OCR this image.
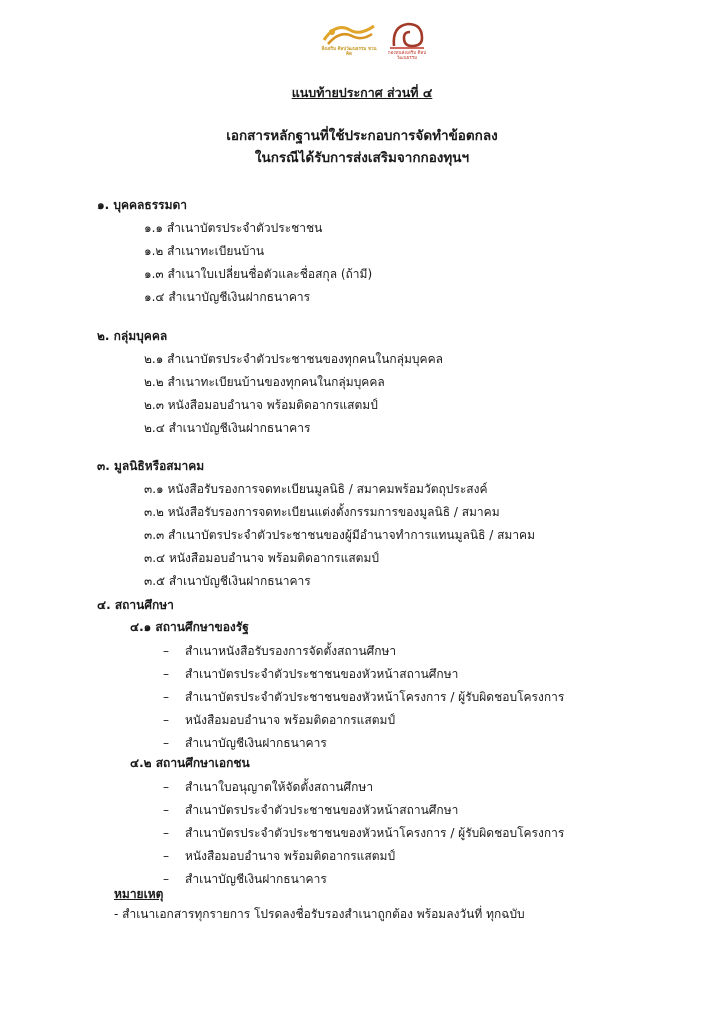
สิ่งเสริม ศิลปวัฒนธรรม ชวนคิด	กองทุนส่งเสริม ศิลปวัฒนธรรม
แนบท้ายประกาศ ส่วนที่ ๔
เอกสารหลักฐานที่ใช้ประกอบการจัดทำข้อตกลง
ในกรณีได้รับการส่งเสริมจากกองทุนฯ
๑. บุคคลธรรมดา
๑.๑ สำเนาบัตรประจำตัวประชาชน
๑.๒ สำเนาทะเบียนบ้าน
๑.๓ สำเนาใบเปลี่ยนชื่อตัวและชื่อสกุล (ถ้ามี)
๑.๔ สำเนาบัญชีเงินฝากธนาคาร
๒. กลุ่มบุคคล
๒.๑ สำเนาบัตรประจำตัวประชาชนของทุกคนในกลุ่มบุคคล
๒.๒ สำเนาทะเบียนบ้านของทุกคนในกลุ่มบุคคล
๒.๓ หนังสือมอบอำนาจ พร้อมติดอากรแสตมป์
๒.๔ สำเนาบัญชีเงินฝากธนาคาร
๓. มูลนิธิหรือสมาคม
๓.๑ หนังสือรับรองการจดทะเบียนมูลนิธิ / สมาคมพร้อมวัตถุประสงค์
๓.๒ หนังสือรับรองการจดทะเบียนแต่งตั้งกรรมการของมูลนิธิ / สมาคม
๓.๓ สำเนาบัตรประจำตัวประชาชนของผู้มีอำนาจทำการแทนมูลนิธิ / สมาคม
๓.๔ หนังสือมอบอำนาจ พร้อมติดอากรแสตมป์
๓.๕ สำเนาบัญชีเงินฝากธนาคาร
๔. สถานศึกษา
๔.๑ สถานศึกษาของรัฐ
– สำเนาหนังสือรับรองการจัดตั้งสถานศึกษา
– สำเนาบัตรประจำตัวประชาชนของหัวหน้าสถานศึกษา
– สำเนาบัตรประจำตัวประชาชนของหัวหน้าโครงการ / ผู้รับผิดชอบโครงการ
– หนังสือมอบอำนาจ พร้อมติดอากรแสตมป์
– สำเนาบัญชีเงินฝากธนาคาร
๔.๒ สถานศึกษาเอกชน
– สำเนาใบอนุญาตให้จัดตั้งสถานศึกษา
– สำเนาบัตรประจำตัวประชาชนของหัวหน้าสถานศึกษา
– สำเนาบัตรประจำตัวประชาชนของหัวหน้าโครงการ / ผู้รับผิดชอบโครงการ
– หนังสือมอบอำนาจ พร้อมติดอากรแสตมป์
– สำเนาบัญชีเงินฝากธนาคาร
หมายเหตุ
- สำเนาเอกสารทุกรายการ โปรดลงชื่อรับรองสำเนาถูกต้อง พร้อมลงวันที่ ทุกฉบับ
